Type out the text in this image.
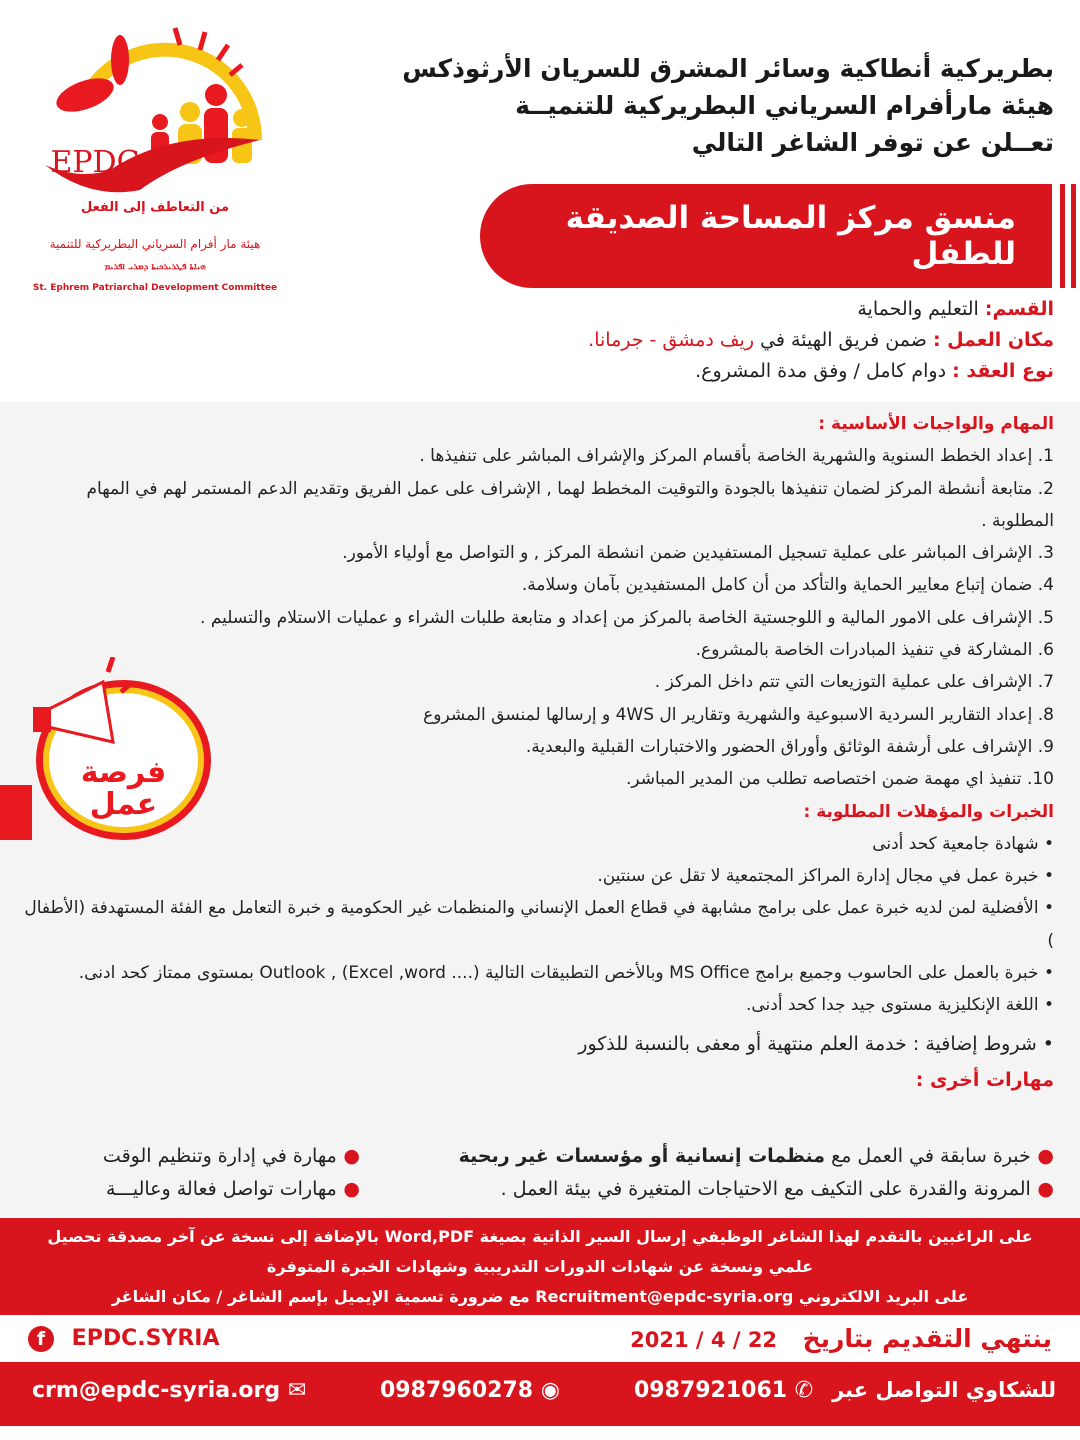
EPDC
من التعاطف إلى الفعل
هيئة مار أفرام السرياني البطريركية للتنمية
ܗܝܐܬܐ ܦܛܪܝܪܟܝܬܐ ܕܡܪܝ ܐܦܪܝܡ
St. Ephrem Patriarchal Development Committee
بطريركية أنطاكية وسائر المشرق للسريان الأرثوذكس
هيئة مارأفرام السرياني البطريركية للتنميــة
تعــلن عن توفر الشاغر التالي
منسق مركز المساحة الصديقة للطفل
القسم: التعليم والحماية
مكان العمل : ضمن فريق الهيئة في ريف دمشق - جرمانا.
نوع العقد : دوام كامل / وفق مدة المشروع.
المهام والواجبات الأساسية :
1. إعداد الخطط السنوية والشهرية الخاصة بأقسام المركز والإشراف المباشر على تنفيذها .
2. متابعة أنشطة المركز لضمان تنفيذها بالجودة والتوقيت المخطط لهما , الإشراف على عمل الفريق وتقديم الدعم المستمر لهم في المهام المطلوبة .
3. الإشراف المباشر على عملية تسجيل المستفيدين ضمن انشطة المركز , و التواصل مع أولياء الأمور.
4. ضمان إتباع معايير الحماية والتأكد من أن كامل المستفيدين بآمان وسلامة.
5. الإشراف على الامور المالية و اللوجستية الخاصة بالمركز من إعداد و متابعة طلبات الشراء و عمليات الاستلام والتسليم .
6. المشاركة في تنفيذ المبادرات الخاصة بالمشروع.
7. الإشراف على عملية التوزيعات التي تتم داخل المركز .
8. إعداد التقارير السردية الاسبوعية والشهرية وتقارير ال 4WS و إرسالها لمنسق المشروع
9. الإشراف على أرشفة الوثائق وأوراق الحضور والاختبارات القبلية والبعدية.
10. تنفيذ اي مهمة ضمن اختصاصه تطلب من المدير المباشر.
الخبرات والمؤهلات المطلوبة :
• شهادة جامعية كحد أدنى
• خبرة عمل في مجال إدارة المراكز المجتمعية لا تقل عن سنتين.
• الأفضلية لمن لديه خبرة عمل على برامج مشابهة في قطاع العمل الإنساني والمنظمات غير الحكومية و خبرة التعامل مع الفئة المستهدفة (الأطفال )
• خبرة بالعمل على الحاسوب وجميع برامج MS Office وبالأخص التطبيقات التالية Outlook , (Excel ,word ....) بمستوى ممتاز كحد ادنى.
• اللغة الإنكليزية مستوى جيد جدا كحد أدنى.
• شروط إضافية : خدمة العلم منتهية أو معفى بالنسبة للذكور
مهارات أخرى :
● خبرة سابقة في العمل مع منظمات إنسانية أو مؤسسات غير ربحية
● المرونة والقدرة على التكيف مع الاحتياجات المتغيرة في بيئة العمل .
● مهارة في إدارة وتنظيم الوقت
● مهارات تواصل فعالة وعاليـــة
فرصة
عمل
على الراغبين بالتقدم لهذا الشاغر الوظيفي إرسال السير الذاتية بصيغة Word,PDF بالإضافة إلى نسخة عن آخر مصدقة تحصيل
علمي ونسخة عن شهادات الدورات التدريبية وشهادات الخبرة المتوفرة
على البريد الالكتروني Recruitment@epdc-syria.org مع ضرورة تسمية الإيميل بإسم الشاغر / مكان الشاغر
ينتهي التقديم بتاريخ 2021 / 4 / 22
f EPDC.SYRIA
للشكاوي التواصل عبر
0987921061 ✆
0987960278 ◉
crm@epdc-syria.org ✉
